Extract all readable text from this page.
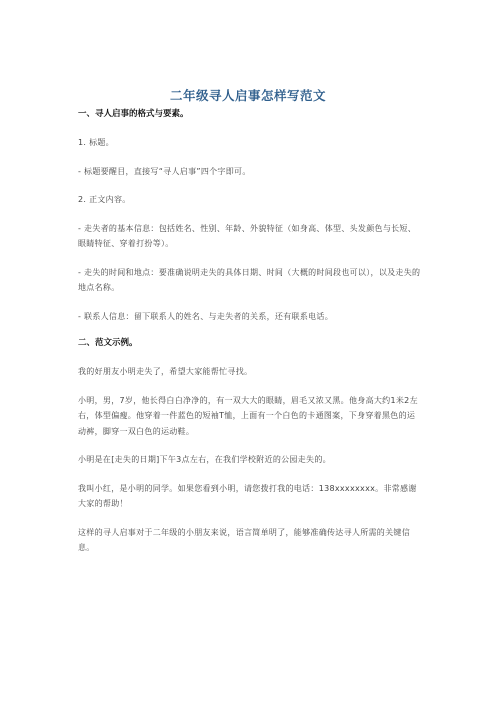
二年级寻人启事怎样写范文
一、寻人启事的格式与要素。
1. 标题。
- 标题要醒目，直接写“寻人启事”四个字即可。
2. 正文内容。
- 走失者的基本信息：包括姓名、性别、年龄、外貌特征（如身高、体型、头发颜色与长短、眼睛特征、穿着打扮等）。
- 走失的时间和地点：要准确说明走失的具体日期、时间（大概的时间段也可以），以及走失的地点名称。
- 联系人信息：留下联系人的姓名、与走失者的关系，还有联系电话。
二、范文示例。
我的好朋友小明走失了，希望大家能帮忙寻找。
小明，男，7岁，他长得白白净净的，有一双大大的眼睛，眉毛又浓又黑。他身高大约1米2左右，体型偏瘦。他穿着一件蓝色的短袖T恤，上面有一个白色的卡通图案，下身穿着黑色的运动裤，脚穿一双白色的运动鞋。
小明是在[走失的日期]下午3点左右，在我们学校附近的公园走失的。
我叫小红，是小明的同学。如果您看到小明，请您拨打我的电话：138xxxxxxxx。非常感谢大家的帮助！
这样的寻人启事对于二年级的小朋友来说，语言简单明了，能够准确传达寻人所需的关键信息。
